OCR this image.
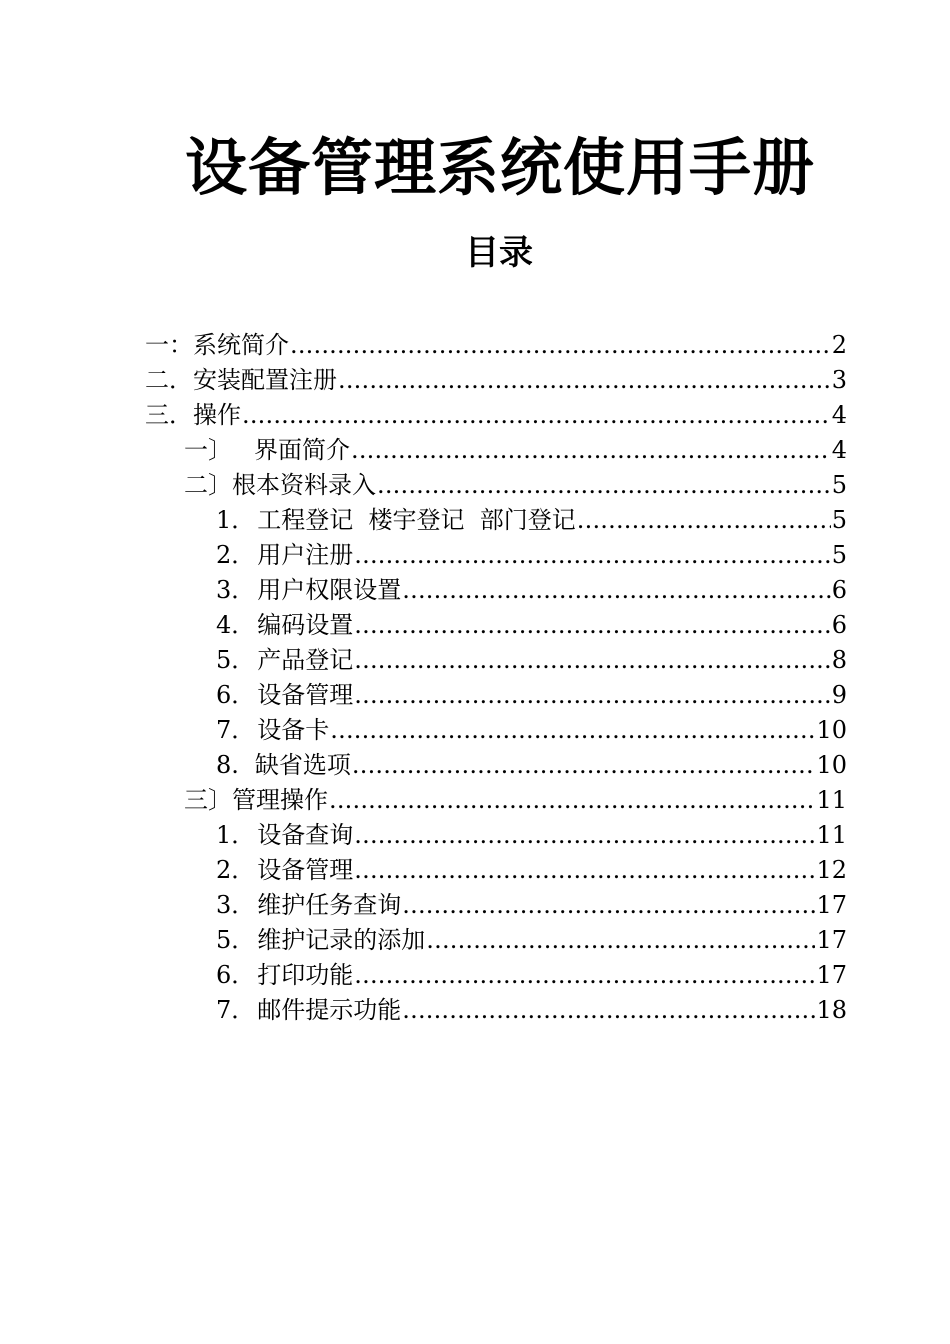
设备管理系统使用手册
目录
一： 系统简介 .....	2
二． 安装配置注册 .....	3
三． 操作 .....	4
一〕 界面简介 .....	4
二〕 根本资料录入 .....	5
1． 工程登记  楼宇登记  部门登记 .....	5
2． 用户注册 .....	5
3． 用户权限设置 .....	6
4． 编码设置 .....	6
5． 产品登记 .....	8
6． 设备管理 .....	9
7． 设备卡 .....	10
8. 缺省选项 .....	10
三〕 管理操作 .....	11
1． 设备查询 .....	11
2． 设备管理 .....	12
3． 维护任务查询 .....	17
5． 维护记录的添加 .....	17
6． 打印功能 .....	17
7． 邮件提示功能 .....	18
